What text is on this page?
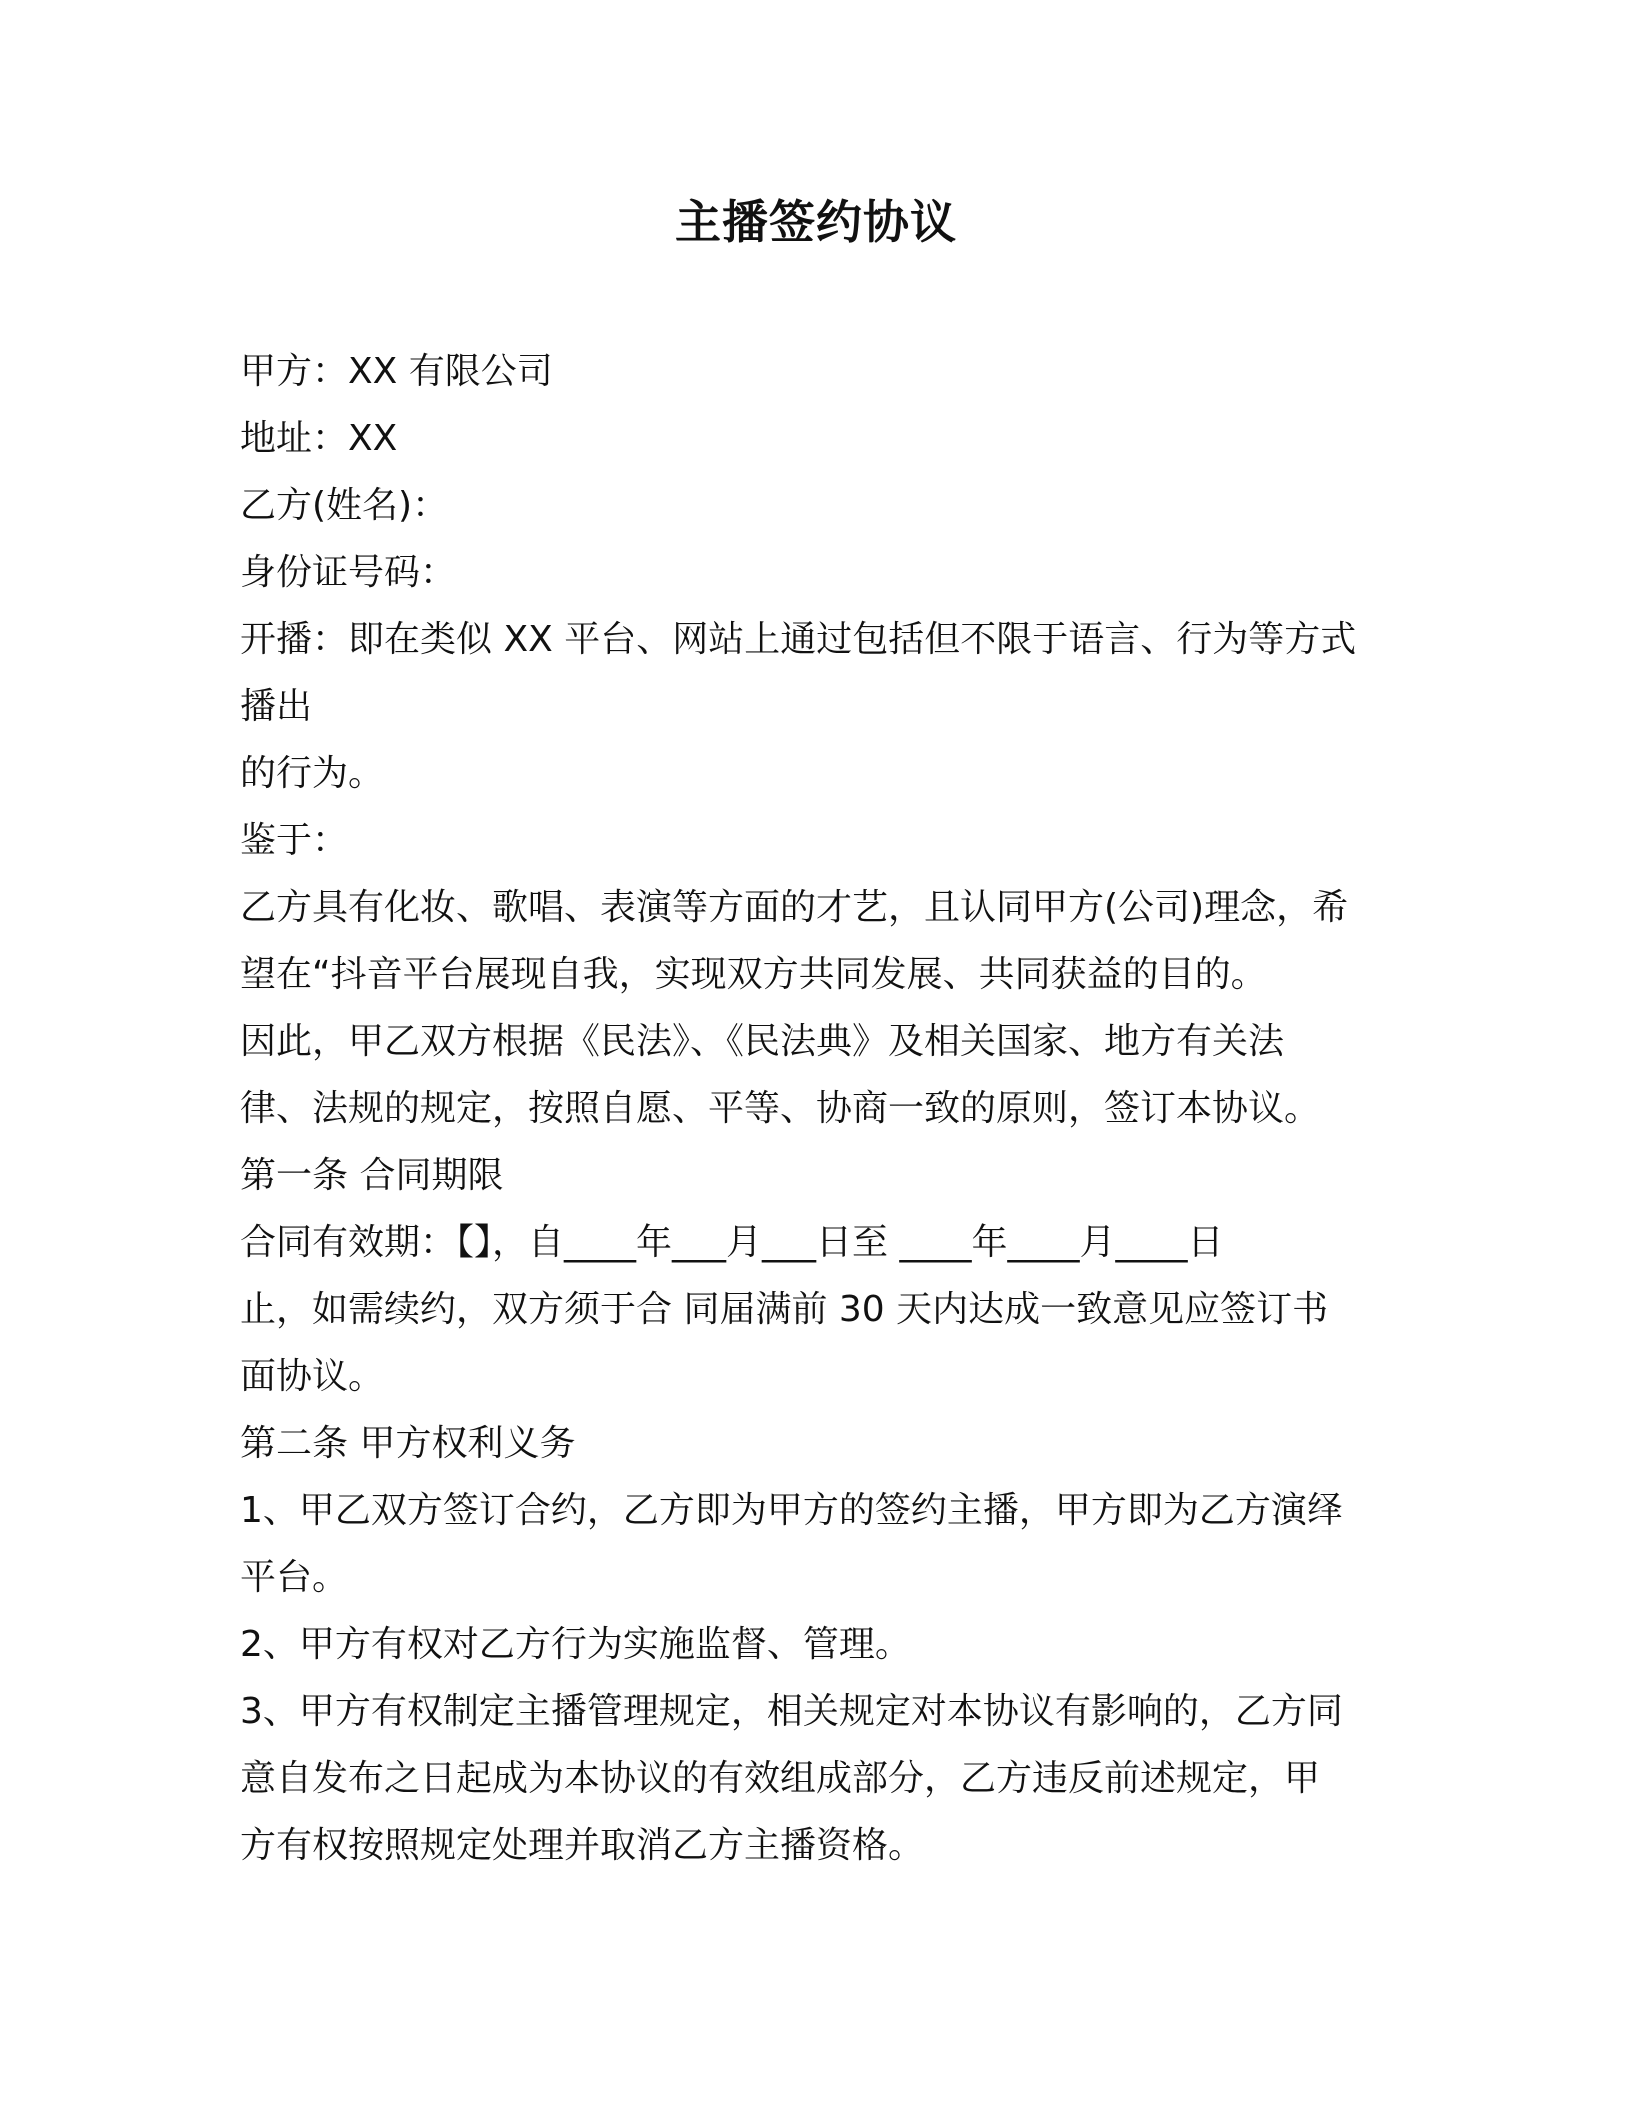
主播签约协议
甲方：XX 有限公司
地址：XX
乙方(姓名)：
身份证号码：
开播：即在类似 XX 平台、网站上通过包括但不限于语言、行为等方式
播出
的行为。
鉴于：
乙方具有化妆、歌唱、表演等方面的才艺，且认同甲方(公司)理念，希
望在“抖音平台展现自我，实现双方共同发展、共同获益的目的。
因此，甲乙双方根据《民法》、《民法典》及相关国家、地方有关法
律、法规的规定，按照自愿、平等、协商一致的原则，签订本协议。
第一条 合同期限
合同有效期：【】，自____年___月___日至 ____年____月____日
止，如需续约，双方须于合 同届满前 30 天内达成一致意见应签订书
面协议。
第二条 甲方权利义务
1、甲乙双方签订合约，乙方即为甲方的签约主播，甲方即为乙方演绎
平台。
2、甲方有权对乙方行为实施监督、管理。
3、甲方有权制定主播管理规定，相关规定对本协议有影响的，乙方同
意自发布之日起成为本协议的有效组成部分，乙方违反前述规定，甲
方有权按照规定处理并取消乙方主播资格。
